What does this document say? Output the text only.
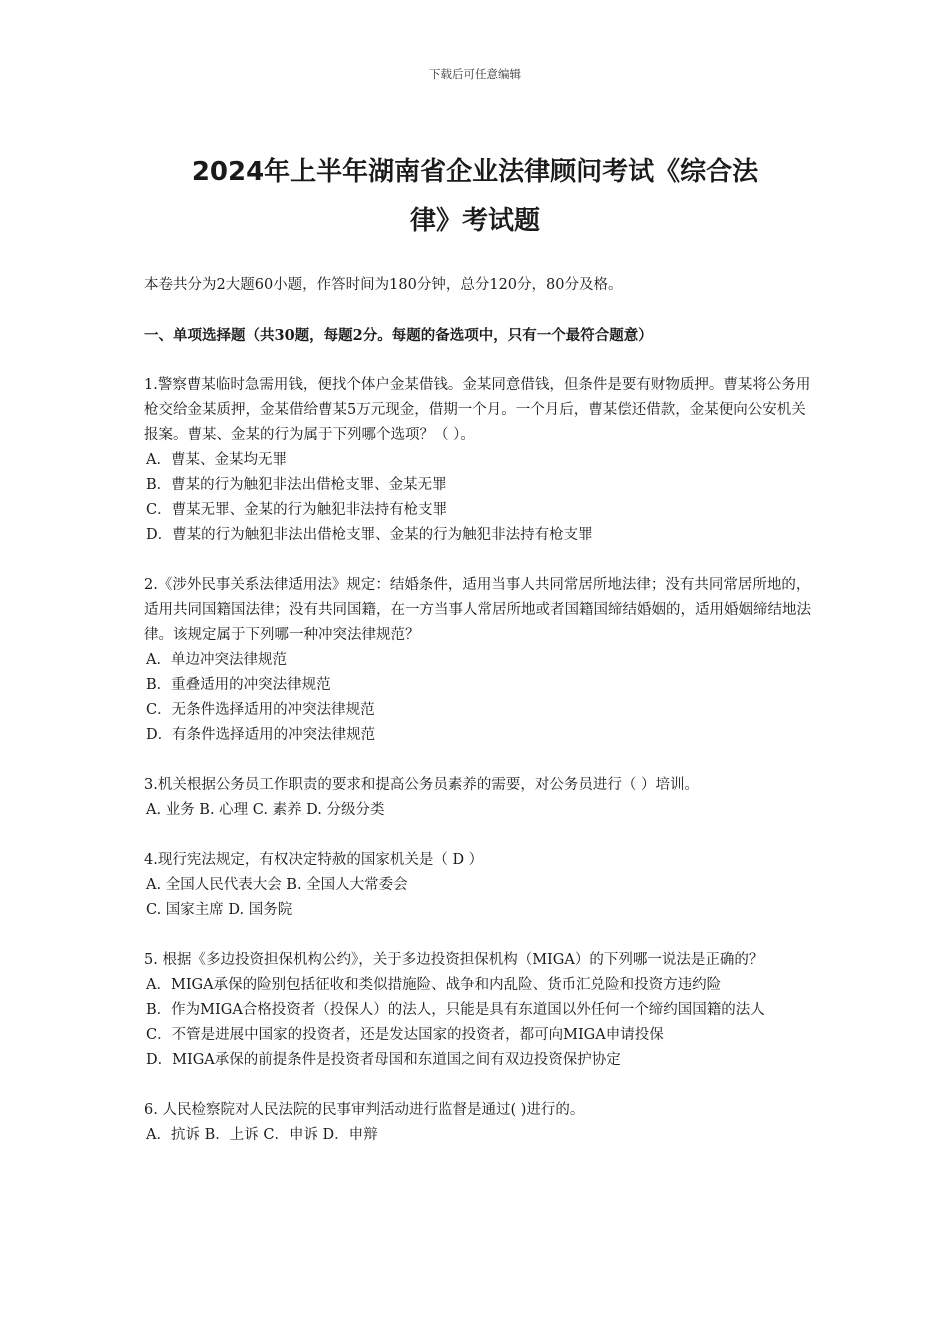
下载后可任意编辑
2024年上半年湖南省企业法律顾问考试《综合法
律》考试题

本卷共分为2大题60小题，作答时间为180分钟，总分120分，80分及格。

一、单项选择题（共30题，每题2分。每题的备选项中，只有一个最符合题意）

1.警察曹某临时急需用钱，便找个体户金某借钱。金某同意借钱，但条件是要有财物质押。曹某将公务用枪交给金某质押，金某借给曹某5万元现金，借期一个月。一个月后，曹某偿还借款，金某便向公安机关报案。曹某、金某的行为属于下列哪个选项？（ ）。

A．曹某、金某均无罪

B．曹某的行为触犯非法出借枪支罪、金某无罪

C．曹某无罪、金某的行为触犯非法持有枪支罪

D．曹某的行为触犯非法出借枪支罪、金某的行为触犯非法持有枪支罪

2.《涉外民事关系法律适用法》规定：结婚条件，适用当事人共同常居所地法律；没有共同常居所地的，适用共同国籍国法律；没有共同国籍，在一方当事人常居所地或者国籍国缔结婚姻的，适用婚姻缔结地法律。该规定属于下列哪一种冲突法律规范？

A．单边冲突法律规范

B．重叠适用的冲突法律规范

C．无条件选择适用的冲突法律规范

D．有条件选择适用的冲突法律规范

3.机关根据公务员工作职责的要求和提高公务员素养的需要，对公务员进行（ ）培训。

A. 业务 B. 心理 C. 素养 D. 分级分类

4.现行宪法规定，有权决定特赦的国家机关是（ D ）

A. 全国人民代表大会 B. 全国人大常委会

C. 国家主席 D. 国务院

5. 根据《多边投资担保机构公约》，关于多边投资担保机构（MIGA）的下列哪一说法是正确的？

A．MIGA承保的险别包括征收和类似措施险、战争和内乱险、货币汇兑险和投资方违约险

B．作为MIGA合格投资者（投保人）的法人，只能是具有东道国以外任何一个缔约国国籍的法人

C．不管是进展中国家的投资者，还是发达国家的投资者，都可向MIGA申请投保

D．MIGA承保的前提条件是投资者母国和东道国之间有双边投资保护协定

6. 人民检察院对人民法院的民事审判活动进行监督是通过( )进行的。

A．抗诉 B．上诉 C．申诉 D．申辩
